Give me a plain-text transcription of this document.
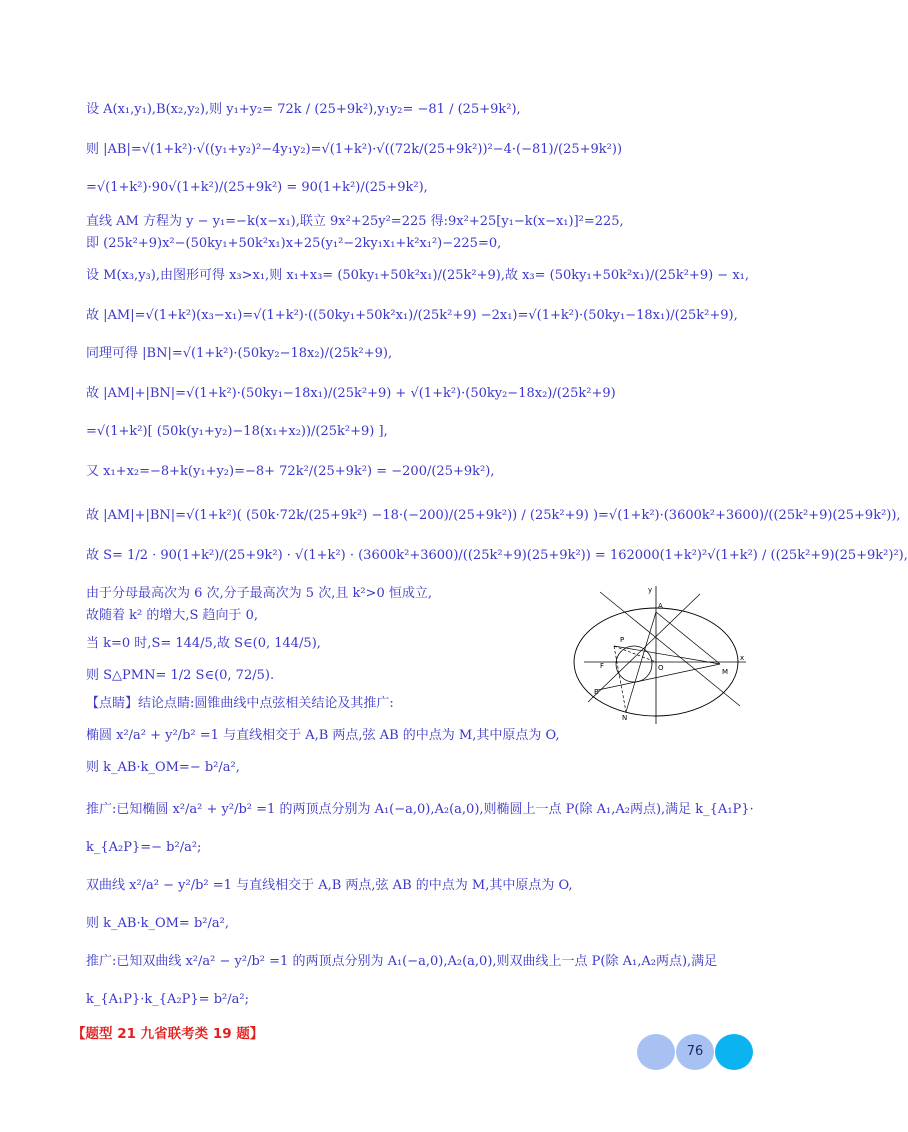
设 A(x₁,y₁),B(x₂,y₂),则 y₁+y₂= 72k / (25+9k²),y₁y₂= −81 / (25+9k²),
则 |AB|=√(1+k²)·√((y₁+y₂)²−4y₁y₂)=√(1+k²)·√((72k/(25+9k²))²−4·(−81)/(25+9k²))
=√(1+k²)·90√(1+k²)/(25+9k²) = 90(1+k²)/(25+9k²),
直线 AM 方程为 y − y₁=−k(x−x₁),联立 9x²+25y²=225 得:9x²+25[y₁−k(x−x₁)]²=225,
即 (25k²+9)x²−(50ky₁+50k²x₁)x+25(y₁²−2ky₁x₁+k²x₁²)−225=0,
设 M(x₃,y₃),由图形可得 x₃>x₁,则 x₁+x₃= (50ky₁+50k²x₁)/(25k²+9),故 x₃= (50ky₁+50k²x₁)/(25k²+9) − x₁,
故 |AM|=√(1+k²)(x₃−x₁)=√(1+k²)·((50ky₁+50k²x₁)/(25k²+9) −2x₁)=√(1+k²)·(50ky₁−18x₁)/(25k²+9),
同理可得 |BN|=√(1+k²)·(50ky₂−18x₂)/(25k²+9),
故 |AM|+|BN|=√(1+k²)·(50ky₁−18x₁)/(25k²+9) + √(1+k²)·(50ky₂−18x₂)/(25k²+9)
=√(1+k²)[ (50k(y₁+y₂)−18(x₁+x₂))/(25k²+9) ],
又 x₁+x₂=−8+k(y₁+y₂)=−8+ 72k²/(25+9k²) = −200/(25+9k²),
故 |AM|+|BN|=√(1+k²)( (50k·72k/(25+9k²) −18·(−200)/(25+9k²)) / (25k²+9) )=√(1+k²)·(3600k²+3600)/((25k²+9)(25+9k²)),
故 S= 1/2 · 90(1+k²)/(25+9k²) · √(1+k²) · (3600k²+3600)/((25k²+9)(25+9k²)) = 162000(1+k²)²√(1+k²) / ((25k²+9)(25+9k²)²),
由于分母最高次为 6 次,分子最高次为 5 次,且 k²>0 恒成立,
故随着 k² 的增大,S 趋向于 0,
当 k=0 时,S= 144/5,故 S∈(0, 144/5),
则 S△PMN= 1/2 S∈(0, 72/5).
【点睛】结论点睛:圆锥曲线中点弦相关结论及其推广:
椭圆 x²/a² + y²/b² =1 与直线相交于 A,B 两点,弦 AB 的中点为 M,其中原点为 O,
则 k_AB·k_OM=− b²/a²,
推广:已知椭圆 x²/a² + y²/b² =1 的两顶点分别为 A₁(−a,0),A₂(a,0),则椭圆上一点 P(除 A₁,A₂两点),满足 k_{A₁P}·
k_{A₂P}=− b²/a²;
双曲线 x²/a² − y²/b² =1 与直线相交于 A,B 两点,弦 AB 的中点为 M,其中原点为 O,
则 k_AB·k_OM= b²/a²,
推广:已知双曲线 x²/a² − y²/b² =1 的两顶点分别为 A₁(−a,0),A₂(a,0),则双曲线上一点 P(除 A₁,A₂两点),满足
k_{A₁P}·k_{A₂P}= b²/a²;
A
P
F	O	M
B
N
x
y
【题型 21 九省联考类 19 题】
76
